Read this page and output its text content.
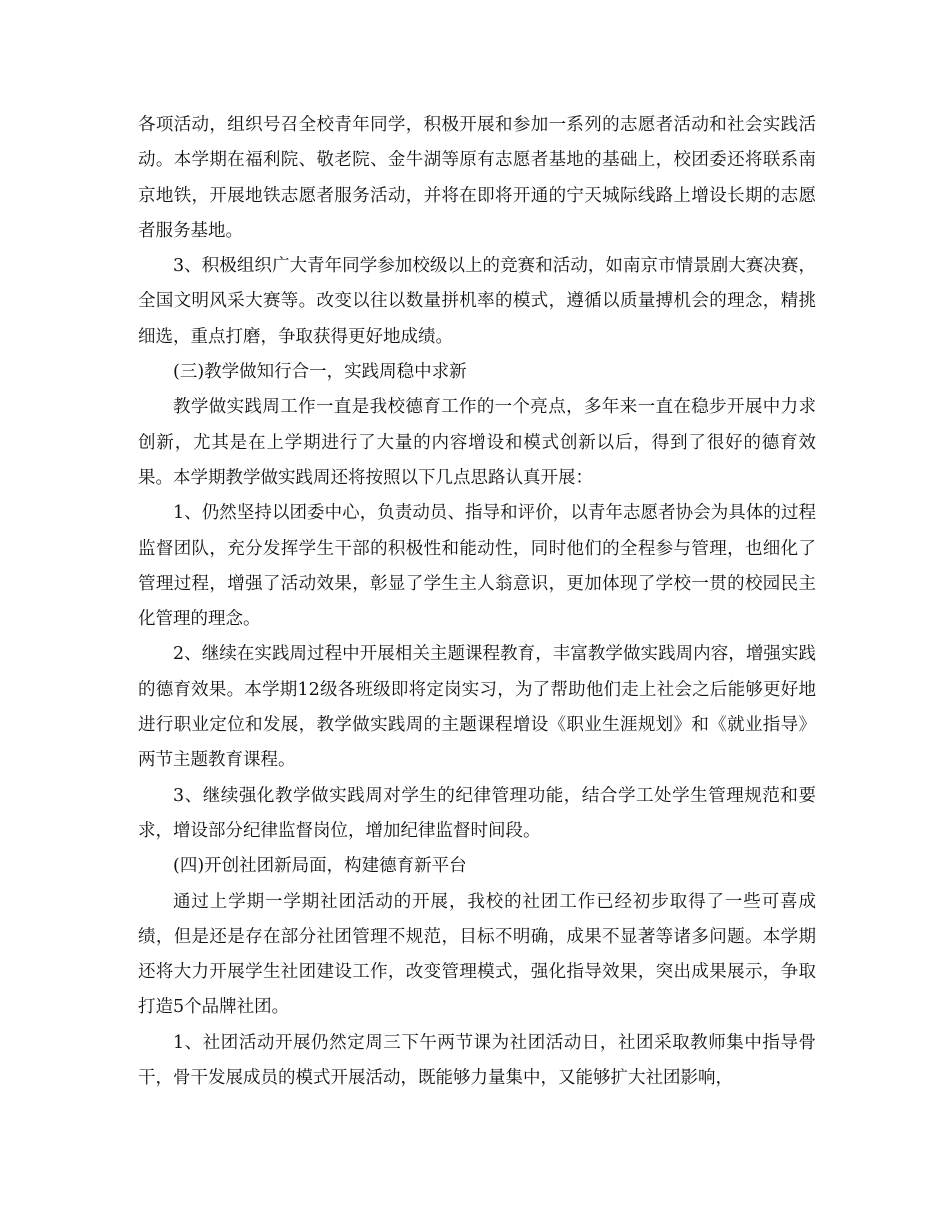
各项活动，组织号召全校青年同学，积极开展和参加一系列的志愿者活动和社会实践活动。本学期在福利院、敬老院、金牛湖等原有志愿者基地的基础上，校团委还将联系南京地铁，开展地铁志愿者服务活动，并将在即将开通的宁天城际线路上增设长期的志愿者服务基地。

3、积极组织广大青年同学参加校级以上的竞赛和活动，如南京市情景剧大赛决赛，全国文明风采大赛等。改变以往以数量拼机率的模式，遵循以质量搏机会的理念，精挑细选，重点打磨，争取获得更好地成绩。

(三)教学做知行合一，实践周稳中求新

教学做实践周工作一直是我校德育工作的一个亮点，多年来一直在稳步开展中力求创新，尤其是在上学期进行了大量的内容增设和模式创新以后，得到了很好的德育效果。本学期教学做实践周还将按照以下几点思路认真开展：

1、仍然坚持以团委中心，负责动员、指导和评价，以青年志愿者协会为具体的过程监督团队，充分发挥学生干部的积极性和能动性，同时他们的全程参与管理，也细化了管理过程，增强了活动效果，彰显了学生主人翁意识，更加体现了学校一贯的校园民主化管理的理念。

2、继续在实践周过程中开展相关主题课程教育，丰富教学做实践周内容，增强实践的德育效果。本学期12级各班级即将定岗实习，为了帮助他们走上社会之后能够更好地进行职业定位和发展，教学做实践周的主题课程增设《职业生涯规划》和《就业指导》两节主题教育课程。

3、继续强化教学做实践周对学生的纪律管理功能，结合学工处学生管理规范和要求，增设部分纪律监督岗位，增加纪律监督时间段。

(四)开创社团新局面，构建德育新平台

通过上学期一学期社团活动的开展，我校的社团工作已经初步取得了一些可喜成绩，但是还是存在部分社团管理不规范，目标不明确，成果不显著等诸多问题。本学期还将大力开展学生社团建设工作，改变管理模式，强化指导效果，突出成果展示，争取打造5个品牌社团。

1、社团活动开展仍然定周三下午两节课为社团活动日，社团采取教师集中指导骨干，骨干发展成员的模式开展活动，既能够力量集中，又能够扩大社团影响，
